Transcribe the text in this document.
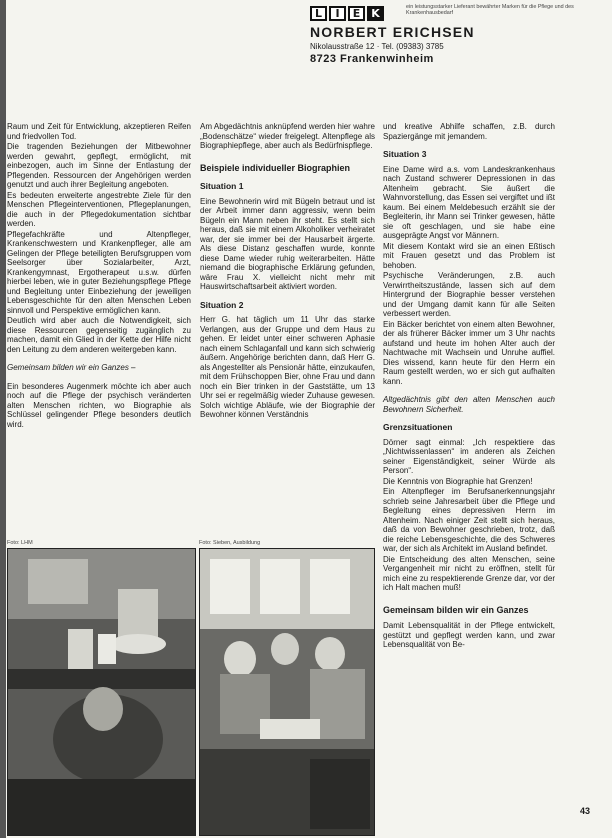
L	I	E K	ein leistungsstarker Lieferant bewährter Marken für die Pflege und des Krankenhausbedarf
NORBERT ERICHSEN
Nikolausstraße 12 · Tel. (09383) 3785
8723 Frankenwinheim

Raum und Zeit für Entwicklung, akzeptieren Reifen und friedvollen Tod.

Die tragenden Beziehungen der Mitbewohner werden gewahrt, gepflegt, ermöglicht, mit einbezogen, auch im Sinne der Entlastung der Pflegenden. Ressourcen der Angehörigen werden genutzt und auch ihrer Begleitung angeboten.

Es bedeuten erweiterte angestrebte Ziele für den Menschen Pflegeinterventionen, Pflegeplanungen, die auch in der Pflegedokumentation sichtbar werden.

Pflegefachkräfte und Altenpfleger, Krankenschwestern und Krankenpfleger, alle am Gelingen der Pflege beteiligten Berufsgruppen vom Seelsorger über Sozialarbeiter, Arzt, Krankengymnast, Ergotherapeut u.s.w. dürfen hierbei leben, wie in guter Beziehungspflege Pflege und Begleitung unter Einbeziehung der jeweiligen Lebensgeschichte für den alten Menschen Leben sinnvoll und Perspektive ermöglichen kann.

Deutlich wird aber auch die Notwendigkeit, sich diese Ressourcen gegenseitig zugänglich zu machen, damit ein Glied in der Kette der Hilfe nicht den Leitung zu dem anderen weitergeben kann.

Gemeinsam bilden wir ein Ganzes –

Ein besonderes Augenmerk möchte ich aber auch noch auf die Pflege der psychisch veränderten alten Menschen richten, wo Biographie als Schlüssel gelingender Pflege besonders deutlich wird.

Am Abgedächtnis anknüpfend werden hier wahre „Bodenschätze“ wieder freigelegt. Altenpflege als Biographiepflege, aber auch als Bedürfnispflege.

Beispiele individueller Biographien
Situation 1

Eine Bewohnerin wird mit Bügeln betraut und ist der Arbeit immer dann aggressiv, wenn beim Bügeln ein Mann neben ihr steht. Es stellt sich heraus, daß sie mit einem Alkoholiker verheiratet war, der sie immer bei der Hausarbeit ärgerte. Als diese Distanz geschaffen wurde, konnte diese Dame wieder ruhig weiterarbeiten. Hätte niemand die biographische Erklärung gefunden, wäre Frau X. vielleicht nicht mehr mit Hauswirtschaftsarbeit aktiviert worden.

Situation 2

Herr G. hat täglich um 11 Uhr das starke Verlangen, aus der Gruppe und dem Haus zu gehen. Er leidet unter einer schweren Aphasie nach einem Schlaganfall und kann sich schwierig äußern. Angehörige berichten dann, daß Herr G. als Angestellter als Pensionär hätte, einzukaufen, mit dem Frühschoppen Bier, ohne Frau und dann noch ein Bier trinken in der Gaststätte, um 13 Uhr sei er regelmäßig wieder Zuhause gewesen. Solch wichtige Abläufe, wie der Biographie der Bewohner können Verständnis

und kreative Abhilfe schaffen, z.B. durch Spaziergänge mit jemandem.

Situation 3

Eine Dame wird a.s. vom Landeskrankenhaus nach Zustand schwerer Depressionen in das Altenheim gebracht. Sie äußert die Wahnvorstellung, das Essen sei vergiftet und ißt kaum. Bei einem Meldebesuch erzählt sie der Begleiterin, ihr Mann sei Trinker gewesen, hätte sie oft geschlagen, und sie habe eine ausgeprägte Angst vor Männern.

Mit diesem Kontakt wird sie an einen Eßtisch mit Frauen gesetzt und das Problem ist behoben.

Psychische Veränderungen, z.B. auch Verwirrtheitszustände, lassen sich auf dem Hintergrund der Biographie besser verstehen und der Umgang damit kann für alle Seiten verbessert werden.

Ein Bäcker berichtet von einem alten Bewohner, der als früherer Bäcker immer um 3 Uhr nachts aufstand und heute im hohen Alter auch der Nachtwache mit Wachsein und Unruhe auffiel. Dies wissend, kann heute für den Herrn ein Raum gestellt werden, wo er sich gut aufhalten kann.

Altgedächtnis gibt den alten Menschen auch Bewohnern Sicherheit.

Grenzsituationen

Dörner sagt einmal: „Ich respektiere das „Nichtwissenlassen“ im anderen als Zeichen seiner Eigenständigkeit, seiner Würde als Person“.

Die Kenntnis von Biographie hat Grenzen!

Ein Altenpfleger im Berufsanerkennungsjahr schrieb seine Jahresarbeit über die Pflege und Begleitung eines depressiven Herrn im Altenheim. Nach einiger Zeit stellt sich heraus, daß da von Bewohner geschrieben, trotz, daß die reiche Lebensgeschichte, die des Schweres war, der sich als Architekt im Ausland befindet.

Die Entscheidung des alten Menschen, seine Vergangenheit mir nicht zu eröffnen, stellt für mich eine zu respektierende Grenze dar, vor der ich Halt machen muß!

Gemeinsam bilden wir ein Ganzes

Damit Lebensqualität in der Pflege entwickelt, gestützt und gepflegt werden kann, und zwar Lebensqualität von Be-

Foto: LHM	Foto: Sieben, Ausbildung
43
